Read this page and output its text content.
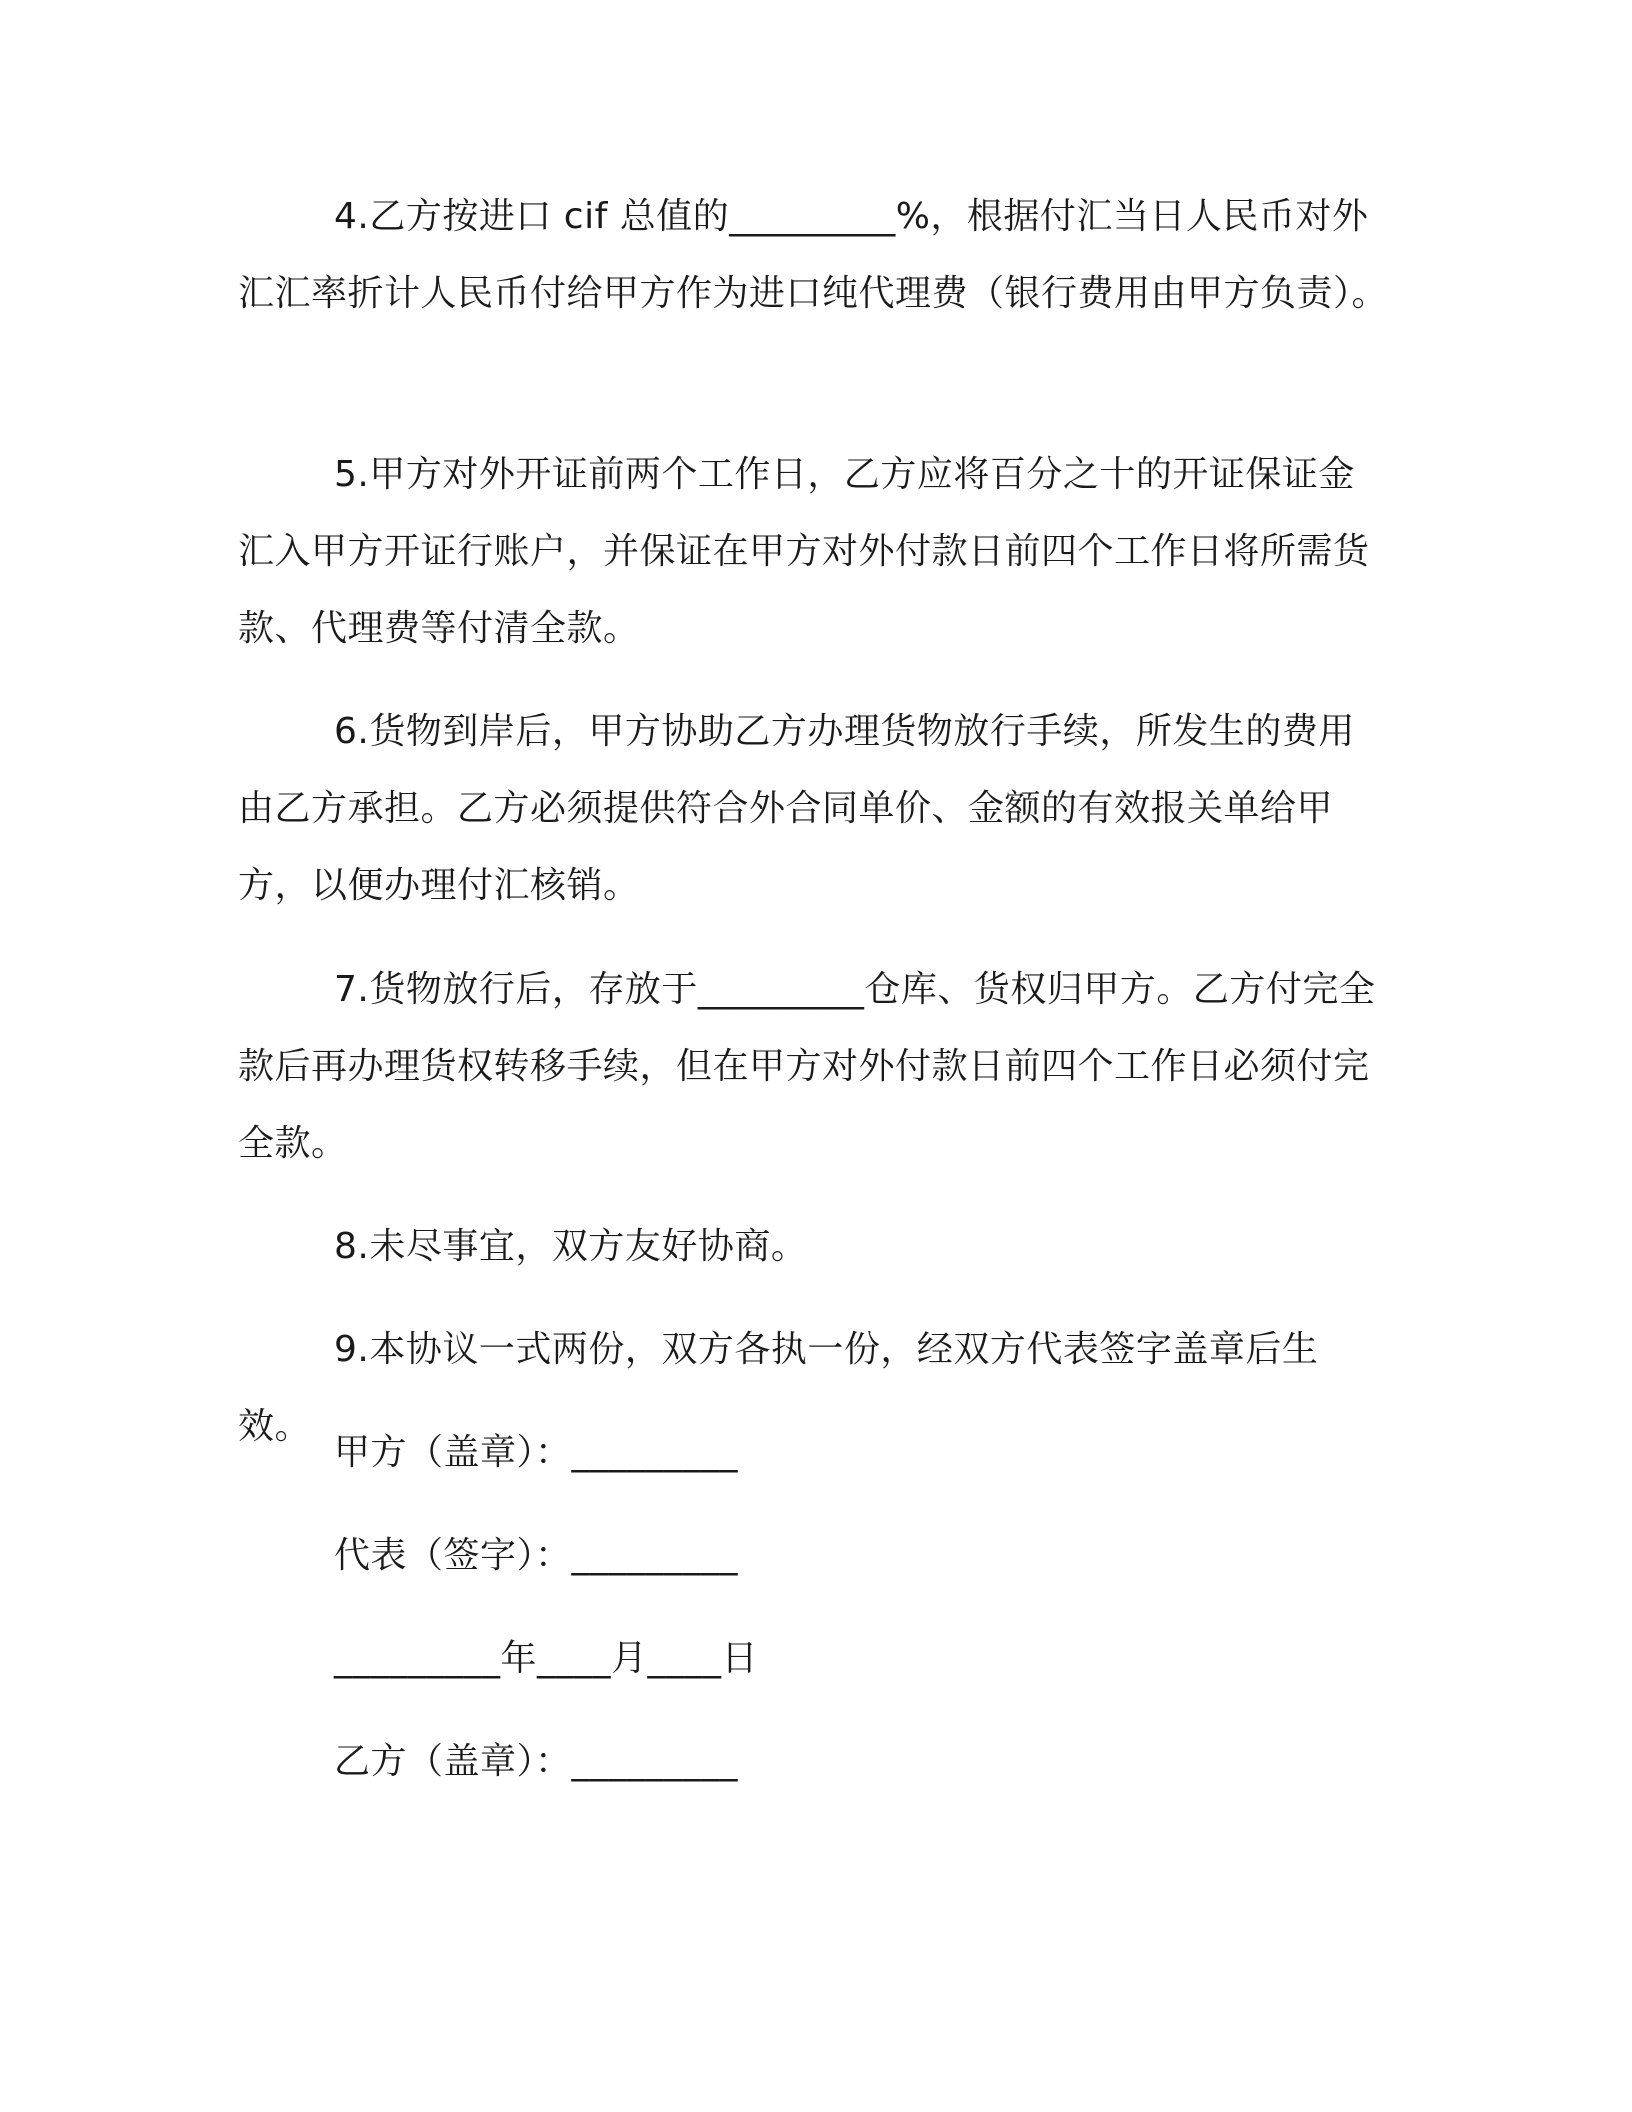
4.乙方按进口 cif 总值的_________%，根据付汇当日人民币对外汇汇率折计人民币付给甲方作为进口纯代理费（银行费用由甲方负责）。

5.甲方对外开证前两个工作日，乙方应将百分之十的开证保证金汇入甲方开证行账户，并保证在甲方对外付款日前四个工作日将所需货款、代理费等付清全款。

6.货物到岸后，甲方协助乙方办理货物放行手续，所发生的费用由乙方承担。乙方必须提供符合外合同单价、金额的有效报关单给甲方，以便办理付汇核销。

7.货物放行后，存放于_________仓库、货权归甲方。乙方付完全款后再办理货权转移手续，但在甲方对外付款日前四个工作日必须付完全款。

8.未尽事宜，双方友好协商。

9.本协议一式两份，双方各执一份，经双方代表签字盖章后生效。

甲方（盖章）：_________

代表（签字）：_________

_________年____月____日

乙方（盖章）：_________
